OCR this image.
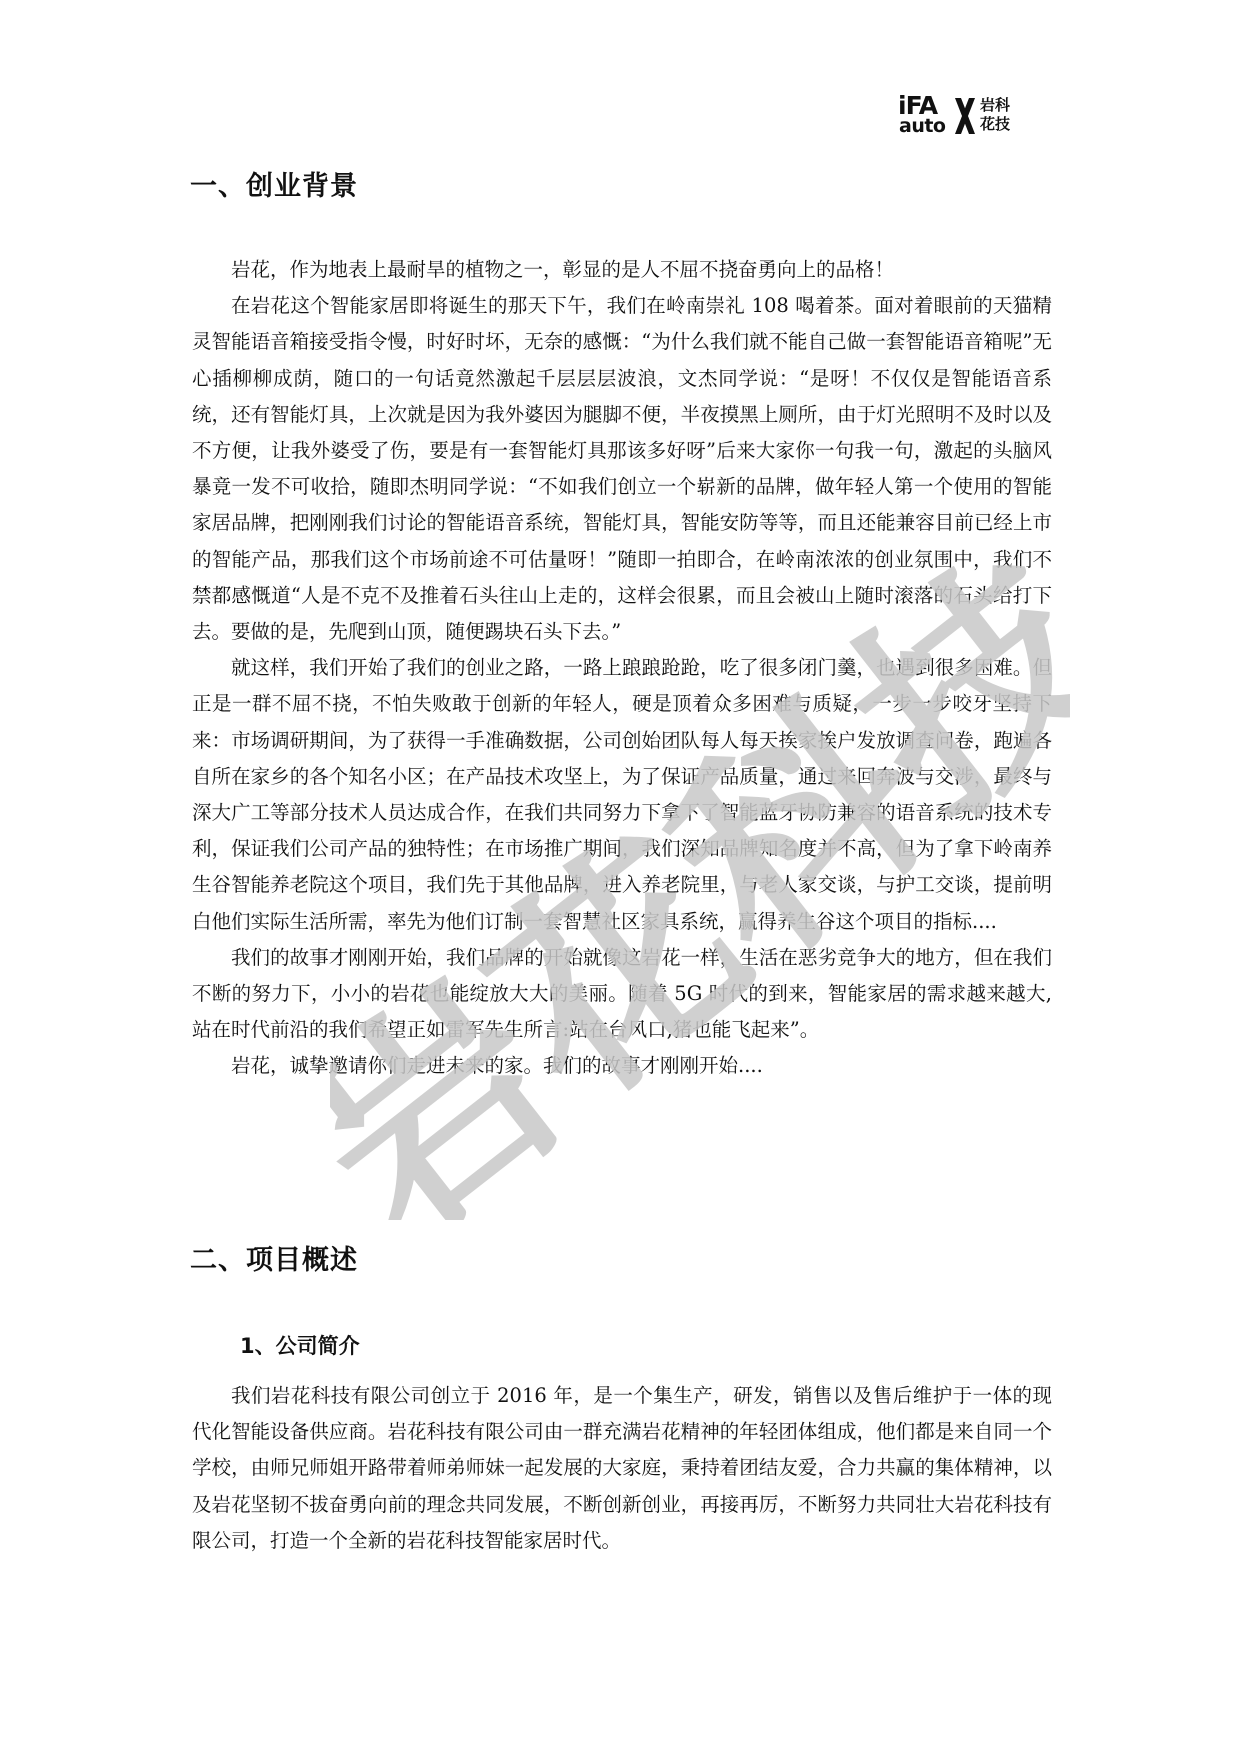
iFA
auto
岩科
花技
一、创业背景

岩花，作为地表上最耐旱的植物之一，彰显的是人不屈不挠奋勇向上的品格！

在岩花这个智能家居即将诞生的那天下午，我们在岭南崇礼 108 喝着茶。面对着眼前的天猫精灵智能语音箱接受指令慢，时好时坏，无奈的感慨：“为什么我们就不能自己做一套智能语音箱呢”无心插柳柳成荫，随口的一句话竟然激起千层层层波浪，文杰同学说：“是呀！不仅仅是智能语音系统，还有智能灯具，上次就是因为我外婆因为腿脚不便，半夜摸黑上厕所，由于灯光照明不及时以及不方便，让我外婆受了伤，要是有一套智能灯具那该多好呀”后来大家你一句我一句，激起的头脑风暴竟一发不可收拾，随即杰明同学说：“不如我们创立一个崭新的品牌，做年轻人第一个使用的智能家居品牌，把刚刚我们讨论的智能语音系统，智能灯具，智能安防等等，而且还能兼容目前已经上市的智能产品，那我们这个市场前途不可估量呀！”随即一拍即合，在岭南浓浓的创业氛围中，我们不禁都感慨道“人是不克不及推着石头往山上走的，这样会很累，而且会被山上随时滚落的石头给打下去。要做的是，先爬到山顶，随便踢块石头下去。”

就这样，我们开始了我们的创业之路，一路上踉踉跄跄，吃了很多闭门羹，也遇到很多困难。但正是一群不屈不挠，不怕失败敢于创新的年轻人，硬是顶着众多困难与质疑，一步一步咬牙坚持下来：市场调研期间，为了获得一手准确数据，公司创始团队每人每天挨家挨户发放调查问卷，跑遍各自所在家乡的各个知名小区；在产品技术攻坚上，为了保证产品质量，通过来回奔波与交涉，最终与深大广工等部分技术人员达成合作，在我们共同努力下拿下了智能蓝牙协防兼容的语音系统的技术专利，保证我们公司产品的独特性；在市场推广期间，我们深知品牌知名度并不高，但为了拿下岭南养生谷智能养老院这个项目，我们先于其他品牌，进入养老院里，与老人家交谈，与护工交谈，提前明白他们实际生活所需，率先为他们订制一套智慧社区家具系统，赢得养生谷这个项目的指标....

我们的故事才刚刚开始，我们品牌的开始就像这岩花一样，生活在恶劣竞争大的地方，但在我们不断的努力下，小小的岩花也能绽放大大的美丽。随着 5G 时代的到来，智能家居的需求越来越大,站在时代前沿的我们希望正如雷军先生所言:站在台风口,猪也能飞起来”。

岩花，诚挚邀请你们走进未来的家。我们的故事才刚刚开始....

二、项目概述
1、公司简介

我们岩花科技有限公司创立于 2016 年，是一个集生产，研发，销售以及售后维护于一体的现代化智能设备供应商。岩花科技有限公司由一群充满岩花精神的年轻团体组成，他们都是来自同一个学校，由师兄师姐开路带着师弟师妹一起发展的大家庭，秉持着团结友爱，合力共赢的集体精神，以及岩花坚韧不拔奋勇向前的理念共同发展，不断创新创业，再接再厉，不断努力共同壮大岩花科技有限公司，打造一个全新的岩花科技智能家居时代。

岩花科技
